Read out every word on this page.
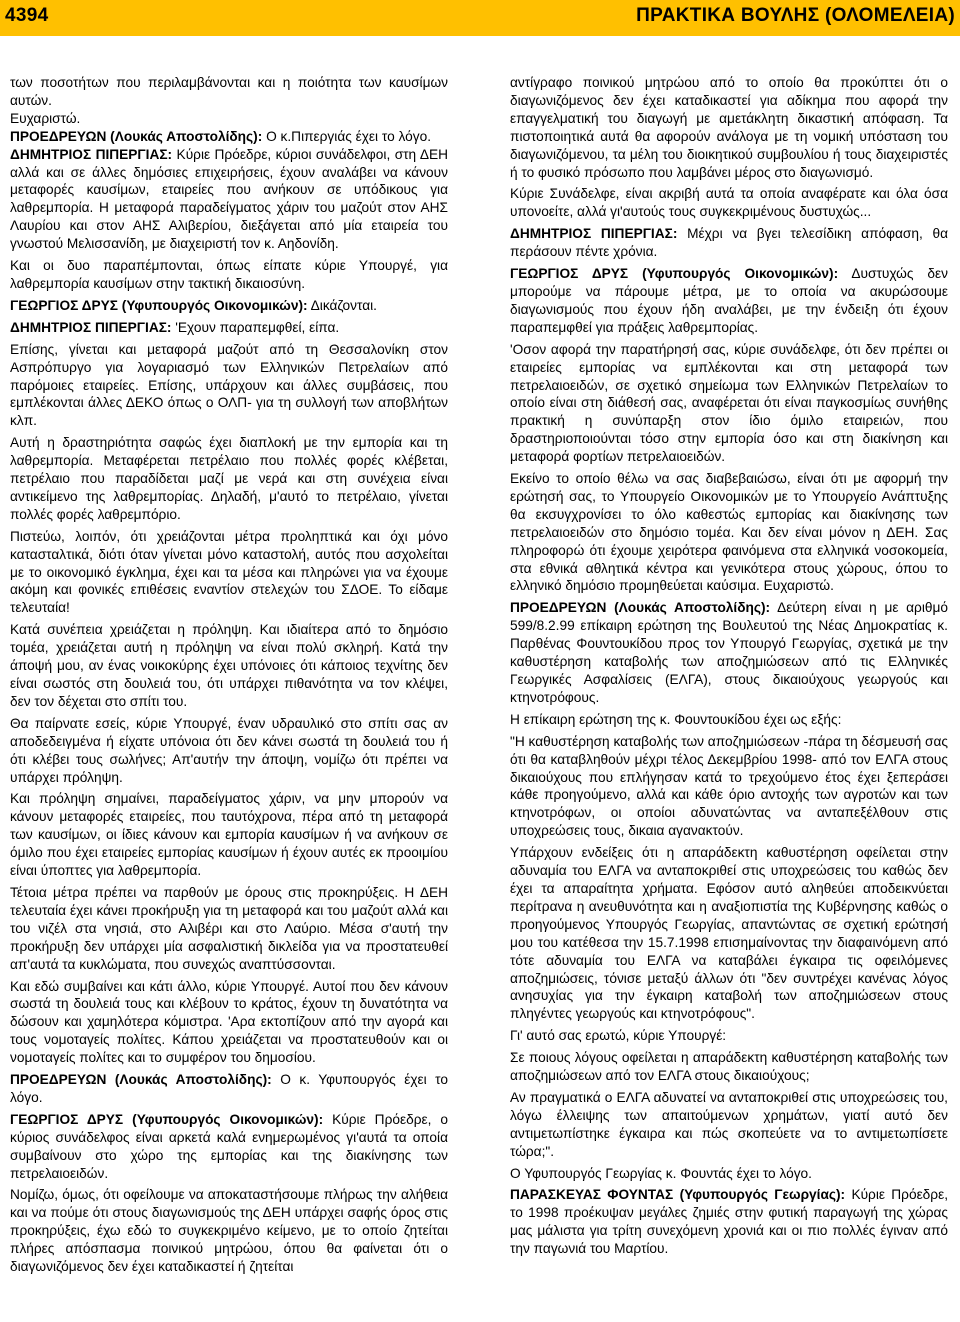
4394	ΠΡΑΚΤΙΚΑ ΒΟΥΛΗΣ (ΟΛΟΜΕΛΕΙΑ)

των ποσοτήτων που περιλαμβάνονται και η ποιότητα των καυσίμων αυτών.

Ευχαριστώ.

ΠΡΟΕΔΡΕΥΩΝ (Λουκάς Αποστολίδης): Ο κ.Πιπεργιάς έχει το λόγο.

ΔΗΜΗΤΡΙΟΣ ΠΙΠΕΡΓΙΑΣ: Κύριε Πρόεδρε, κύριοι συνάδελφοι, στη ΔΕΗ αλλά και σε άλλες δημόσιες επιχειρήσεις, έχουν αναλάβει να κάνουν μεταφορές καυσίμων, εταιρείες που ανήκουν σε υπόδικους για λαθρεμπορία. Η μεταφορά παραδείγματος χάριν του μαζούτ στον ΑΗΣ Λαυρίου και στον ΑΗΣ Αλιβερίου, διεξάγεται από μία εταιρεία του γνωστού Μελισσανίδη, με διαχειριστή τον κ. Αηδονίδη.

Και οι δυο παραπέμπονται, όπως είπατε κύριε Υπουργέ, για λαθρεμπορία καυσίμων στην τακτική δικαιοσύνη.

ΓΕΩΡΓΙΟΣ ΔΡΥΣ (Υφυπουργός Οικονομικών): Δικάζονται.

ΔΗΜΗΤΡΙΟΣ ΠΙΠΕΡΓΙΑΣ: 'Εχουν παραπεμφθεί, είπα.

Επίσης, γίνεται και μεταφορά μαζούτ από τη Θεσσαλονίκη στον Ασπρόπυργο για λογαριασμό των Ελληνικών Πετρελαίων από παρόμοιες εταιρείες. Επίσης, υπάρχουν και άλλες συμβάσεις, που εμπλέκονται άλλες ΔΕΚΟ όπως ο ΟΛΠ- για τη συλλογή των αποβλήτων κλπ.

Αυτή η δραστηριότητα σαφώς έχει διαπλοκή με την εμπορία και τη λαθρεμπορία. Μεταφέρεται πετρέλαιο που πολλές φορές κλέβεται, πετρέλαιο που παραδίδεται μαζί με νερά και στη συνέχεια είναι αντικείμενο της λαθρεμπορίας. Δηλαδή, μ'αυτό το πετρέλαιο, γίνεται πολλές φορές λαθρεμπόριο.

Πιστεύω, λοιπόν, ότι χρειάζονται μέτρα προληπτικά και όχι μόνο κατασταλτικά, διότι όταν γίνεται μόνο καταστολή, αυτός που ασχολείται με το οικονομικό έγκλημα, έχει και τα μέσα και πληρώνει για να έχουμε ακόμη και φονικές επιθέσεις εναντίον στελεχών του ΣΔΟΕ. Το είδαμε τελευταία!

Κατά συνέπεια χρειάζεται η πρόληψη. Και ιδιαίτερα από το δημόσιο τομέα, χρειάζεται αυτή η πρόληψη να είναι πολύ σκληρή. Κατά την άποψή μου, αν ένας νοικοκύρης έχει υπόνοιες ότι κάποιος τεχνίτης δεν είναι σωστός στη δουλειά του, ότι υπάρχει πιθανότητα να τον κλέψει, δεν τον δέχεται στο σπίτι του.

Θα παίρνατε εσείς, κύριε Υπουργέ, έναν υδραυλικό στο σπίτι σας αν αποδεδειγμένα ή είχατε υπόνοια ότι δεν κάνει σωστά τη δουλειά του ή ότι κλέβει τους σωλήνες; Απ'αυτήν την άποψη, νομίζω ότι πρέπει να υπάρχει πρόληψη.

Και πρόληψη σημαίνει, παραδείγματος χάριν, να μην μπορούν να κάνουν μεταφορές εταιρείες, που ταυτόχρονα, πέρα από τη μεταφορά των καυσίμων, οι ίδιες κάνουν και εμπορία καυσίμων ή να ανήκουν σε όμιλο που έχει εταιρείες εμπορίας καυσίμων ή έχουν αυτές εκ προοιμίου είναι ύποπτες για λαθρεμπορία.

Τέτοια μέτρα πρέπει να παρθούν με όρους στις προκηρύξεις. Η ΔΕΗ τελευταία έχει κάνει προκήρυξη για τη μεταφορά και του μαζούτ αλλά και του νιζέλ στα νησιά, στο Αλιβέρι και στο Λαύριο. Μέσα σ'αυτή την προκήρυξη δεν υπάρχει μία ασφαλιστική δικλείδα για να προστατευθεί απ'αυτά τα κυκλώματα, που συνεχώς αναπτύσσονται.

Και εδώ συμβαίνει και κάτι άλλο, κύριε Υπουργέ. Αυτοί που δεν κάνουν σωστά τη δουλειά τους και κλέβουν το κράτος, έχουν τη δυνατότητα να δώσουν και χαμηλότερα κόμιστρα. 'Αρα εκτοπίζουν από την αγορά και τους νομοταγείς πολίτες. Κάπου χρειάζεται να προστατευθούν και οι νομοταγείς πολίτες και το συμφέρον του δημοσίου.

ΠΡΟΕΔΡΕΥΩΝ (Λουκάς Αποστολίδης): Ο κ. Υφυπουργός έχει το λόγο.

ΓΕΩΡΓΙΟΣ ΔΡΥΣ (Υφυπουργός Οικονομικών): Κύριε Πρόεδρε, ο κύριος συνάδελφος είναι αρκετά καλά ενημερωμένος γι'αυτά τα οποία συμβαίνουν στο χώρο της εμπορίας και της διακίνησης των πετρελαιοειδών.

Νομίζω, όμως, ότι οφείλουμε να αποκαταστήσουμε πλήρως την αλήθεια και να πούμε ότι στους διαγωνισμούς της ΔΕΗ υπάρχει σαφής όρος στις προκηρύξεις, έχω εδώ το συγκεκριμένο κείμενο, με το οποίο ζητείται πλήρες απόσπασμα ποινικού μητρώου, όπου θα φαίνεται ότι ο διαγωνιζόμενος δεν έχει καταδικαστεί ή ζητείται

αντίγραφο ποινικού μητρώου από το οποίο θα προκύπτει ότι ο διαγωνιζόμενος δεν έχει καταδικαστεί για αδίκημα που αφορά την επαγγελματική του διαγωγή με αμετάκλητη δικαστική απόφαση. Τα πιστοποιητικά αυτά θα αφορούν ανάλογα με τη νομική υπόσταση του διαγωνιζόμενου, τα μέλη του διοικητικού συμβουλίου ή τους διαχειριστές ή το φυσικό πρόσωπο που λαμβάνει μέρος στο διαγωνισμό.

Κύριε Συνάδελφε, είναι ακριβή αυτά τα οποία αναφέρατε και όλα όσα υπονοείτε, αλλά γι'αυτούς τους συγκεκριμένους δυστυχώς...

ΔΗΜΗΤΡΙΟΣ ΠΙΠΕΡΓΙΑΣ: Μέχρι να βγει τελεσίδικη απόφαση, θα περάσουν πέντε χρόνια.

ΓΕΩΡΓΙΟΣ ΔΡΥΣ (Υφυπουργός Οικονομικών): Δυστυχώς δεν μπορούμε να πάρουμε μέτρα, με το οποία να ακυρώσουμε διαγωνισμούς που έχουν ήδη αναλάβει, με την ένδειξη ότι έχουν παραπεμφθεί για πράξεις λαθρεμπορίας.

'Οσον αφορά την παρατήρησή σας, κύριε συνάδελφε, ότι δεν πρέπει οι εταιρείες εμπορίας να εμπλέκονται και στη μεταφορά των πετρελαιοειδών, σε σχετικό σημείωμα των Ελληνικών Πετρελαίων το οποίο είναι στη διάθεσή σας, αναφέρεται ότι είναι παγκοσμίως συνήθης πρακτική η συνύπαρξη στον ίδιο όμιλο εταιρειών, που δραστηριοποιούνται τόσο στην εμπορία όσο και στη διακίνηση και μεταφορά φορτίων πετρελαιοειδών.

Εκείνο το οποίο θέλω να σας διαβεβαιώσω, είναι ότι με αφορμή την ερώτησή σας, το Υπουργείο Οικονομικών με το Υπουργείο Ανάπτυξης θα εκσυγχρονίσει το όλο καθεστώς εμπορίας και διακίνησης των πετρελαιοειδών στο δημόσιο τομέα. Και δεν είναι μόνον η ΔΕΗ. Σας πληροφορώ ότι έχουμε χειρότερα φαινόμενα στα ελληνικά νοσοκομεία, στα εθνικά αθλητικά κέντρα και γενικότερα στους χώρους, όπου το ελληνικό δημόσιο προμηθεύεται καύσιμα. Ευχαριστώ.

ΠΡΟΕΔΡΕΥΩΝ (Λουκάς Αποστολίδης): Δεύτερη είναι η με αριθμό 599/8.2.99 επίκαιρη ερώτηση της Βουλευτού της Νέας Δημοκρατίας κ. Παρθένας Φουντουκίδου προς τον Υπουργό Γεωργίας, σχετικά με την καθυστέρηση καταβολής των αποζημιώσεων από τις Ελληνικές Γεωργικές Ασφαλίσεις (ΕΛΓΑ), στους δικαιούχους γεωργούς και κτηνοτρόφους.

Η επίκαιρη ερώτηση της κ. Φουντουκίδου έχει ως εξής:

"Η καθυστέρηση καταβολής των αποζημιώσεων -πάρα τη δέσμευσή σας ότι θα καταβληθούν μέχρι τέλος Δεκεμβρίου 1998- από τον ΕΛΓΑ στους δικαιούχους που επλήγησαν κατά το τρεχούμενο έτος έχει ξεπεράσει κάθε προηγούμενο, αλλά και κάθε όριο αντοχής των αγροτών και των κτηνοτρόφων, οι οποίοι αδυνατώντας να ανταπεξέλθουν στις υποχρεώσεις τους, δικαια αγανακτούν.

Υπάρχουν ενδείξεις ότι η απαράδεκτη καθυστέρηση οφείλεται στην αδυναμία του ΕΛΓΑ να ανταποκριθεί στις υποχρεώσεις του καθώς δεν έχει τα απαραίτητα χρήματα. Εφόσον αυτό αληθεύει αποδεικνύεται περίτρανα η ανευθυνότητα και η αναξιοπιστία της Κυβέρνησης καθώς ο προηγούμενος Υπουργός Γεωργίας, απαντώντας σε σχετική ερώτησή μου του κατέθεσα την 15.7.1998 επισημαίνοντας την διαφαινόμενη από τότε αδυναμία του ΕΛΓΑ να καταβάλει έγκαιρα τις οφειλόμενες αποζημιώσεις, τόνισε μεταξύ άλλων ότι "δεν συντρέχει κανένας λόγος ανησυχίας για την έγκαιρη καταβολή των αποζημιώσεων στους πληγέντες γεωργούς και κτηνοτρόφους".

Γι' αυτό σας ερωτώ, κύριε Υπουργέ:

Σε ποιους λόγους οφείλεται η απαράδεκτη καθυστέρηση καταβολής των αποζημιώσεων από τον ΕΛΓΑ στους δικαιούχους;

Αν πραγματικά ο ΕΛΓΑ αδυνατεί να ανταποκριθεί στις υποχρεώσεις του, λόγω έλλειψης των απαιτούμενων χρημάτων, γιατί αυτό δεν αντιμετωπίστηκε έγκαιρα και πώς σκοπεύετε να το αντιμετωπίσετε τώρα;".

Ο Υφυπουργός Γεωργίας κ. Φουντάς έχει το λόγο.

ΠΑΡΑΣΚΕΥΑΣ ΦΟΥΝΤΑΣ (Υφυπουργός Γεωργίας): Κύριε Πρόεδρε, το 1998 προέκυψαν μεγάλες ζημιές στην φυτική παραγωγή της χώρας μας μάλιστα για τρίτη συνεχόμενη χρονιά και οι πιο πολλές έγιναν από την παγωνιά του Μαρτίου.
